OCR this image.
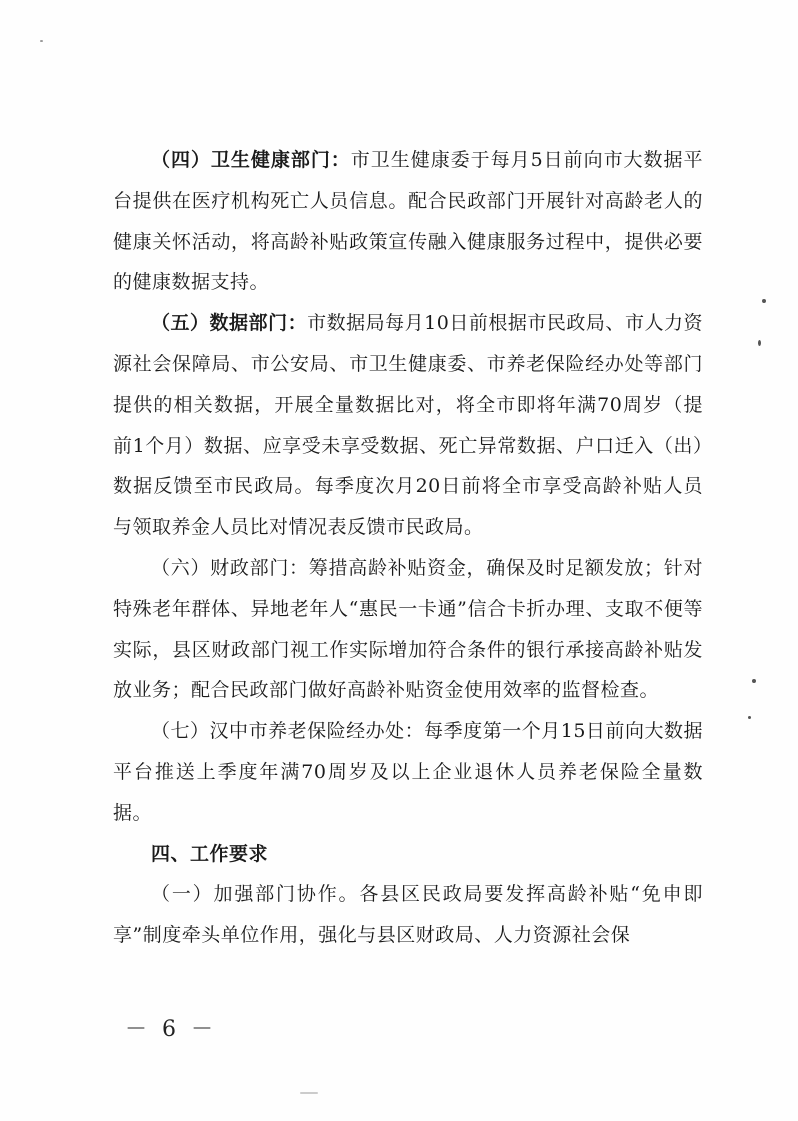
（四）卫生健康部门：市卫生健康委于每月5日前向市大数据平台提供在医疗机构死亡人员信息。配合民政部门开展针对高龄老人的健康关怀活动，将高龄补贴政策宣传融入健康服务过程中，提供必要的健康数据支持。

（五）数据部门：市数据局每月10日前根据市民政局、市人力资源社会保障局、市公安局、市卫生健康委、市养老保险经办处等部门提供的相关数据，开展全量数据比对，将全市即将年满70周岁（提前1个月）数据、应享受未享受数据、死亡异常数据、户口迁入（出）数据反馈至市民政局。每季度次月20日前将全市享受高龄补贴人员与领取养金人员比对情况表反馈市民政局。

（六）财政部门：筹措高龄补贴资金，确保及时足额发放；针对特殊老年群体、异地老年人“惠民一卡通”信合卡折办理、支取不便等实际，县区财政部门视工作实际增加符合条件的银行承接高龄补贴发放业务；配合民政部门做好高龄补贴资金使用效率的监督检查。

（七）汉中市养老保险经办处：每季度第一个月15日前向大数据平台推送上季度年满70周岁及以上企业退休人员养老保险全量数据。

四、工作要求

（一）加强部门协作。各县区民政局要发挥高龄补贴“免申即享”制度牵头单位作用，强化与县区财政局、人力资源社会保

－ 6 －
